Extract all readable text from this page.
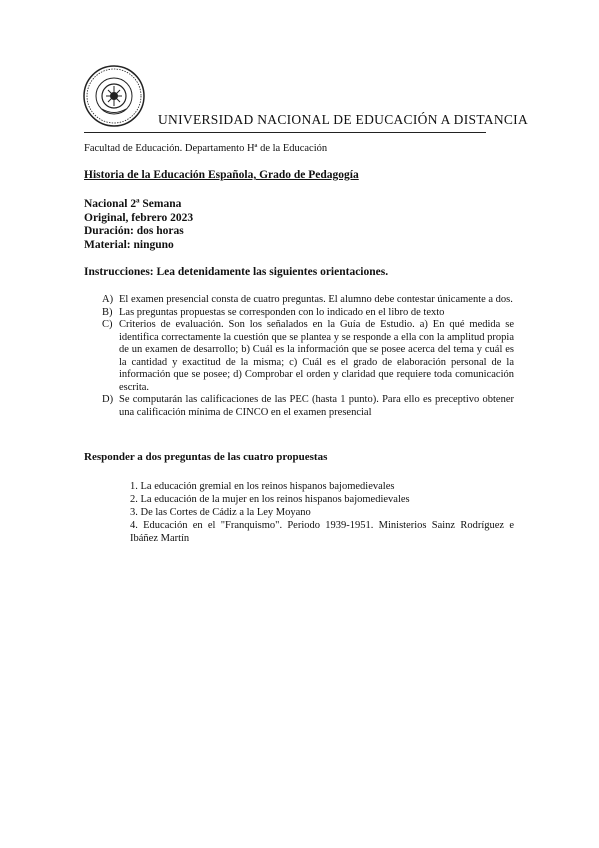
UNIVERSIDAD NACIONAL DE EDUCACIÓN A DISTANCIA
Facultad de Educación. Departamento Hª de la Educación
Historia de la Educación Española, Grado de Pedagogía
Nacional 2ª Semana
Original, febrero 2023
Duración: dos horas
Material: ninguno
Instrucciones: Lea detenidamente las siguientes orientaciones.
A) El examen presencial consta de cuatro preguntas. El alumno debe contestar únicamente a dos.
B) Las preguntas propuestas se corresponden con lo indicado en el libro de texto
C) Criterios de evaluación. Son los señalados en la Guía de Estudio. a) En qué medida se identifica correctamente la cuestión que se plantea y se responde a ella con la amplitud propia de un examen de desarrollo; b) Cuál es la información que se posee acerca del tema y cuál es la cantidad y exactitud de la misma; c) Cuál es el grado de elaboración personal de la información que se posee; d) Comprobar el orden y claridad que requiere toda comunicación escrita.
D) Se computarán las calificaciones de las PEC (hasta 1 punto). Para ello es preceptivo obtener una calificación mínima de CINCO en el examen presencial
Responder a dos preguntas de las cuatro propuestas
1. La educación gremial en los reinos hispanos bajomedievales
2. La educación de la mujer en los reinos hispanos bajomedievales
3. De las Cortes de Cádiz a la Ley Moyano
4. Educación en el "Franquismo". Periodo 1939-1951. Ministerios Sainz Rodríguez e Ibáñez Martín
